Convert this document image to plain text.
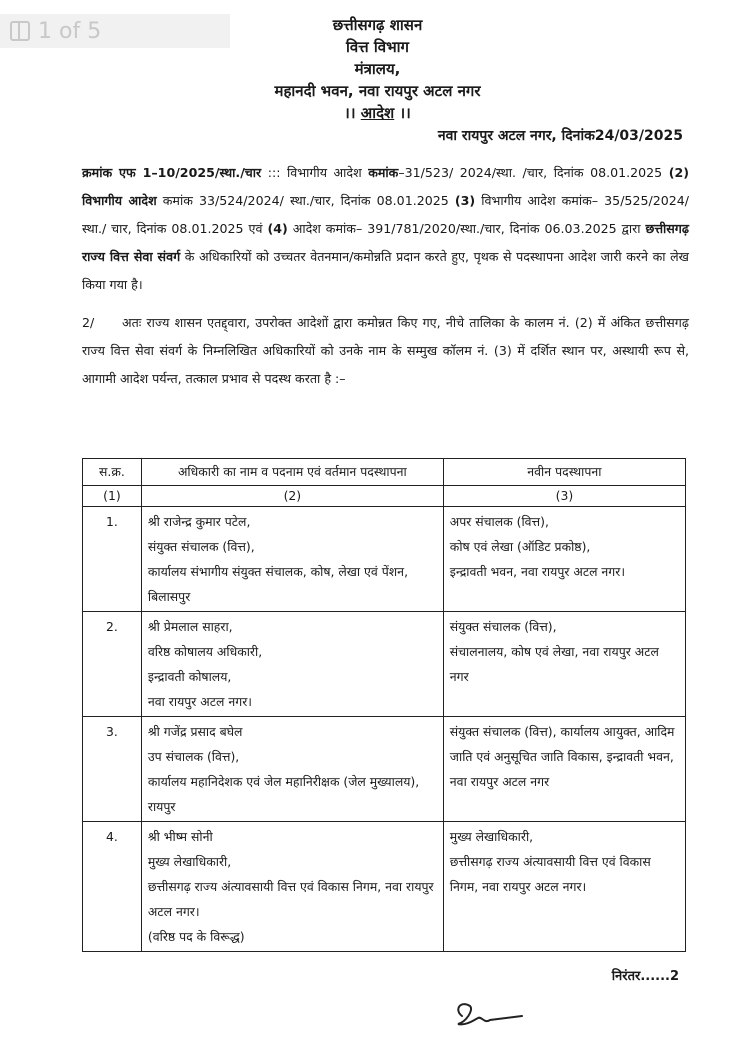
1 of 5	छत्तीसगढ़ शासन
वित्त विभाग
मंत्रालय,
महानदी भवन, नवा रायपुर अटल नगर
।। आदेश ।।
नवा रायपुर अटल नगर, दिनांक24/03/2025
क्रमांक एफ 1–10/2025/स्था./चार ::: विभागीय आदेश कमांक–31/523/ 2024/स्था. /चार, दिनांक 08.01.2025 (2) विभागीय आदेश कमांक 33/524/2024/ स्था./चार, दिनांक 08.01.2025 (3) विभागीय आदेश कमांक– 35/525/2024/स्था./ चार, दिनांक 08.01.2025 एवं (4) आदेश कमांक– 391/781/2020/स्था./चार, दिनांक 06.03.2025 द्वारा छत्तीसगढ़ राज्य वित्त सेवा संवर्ग के अधिकारियों को उच्चतर वेतनमान/कमोन्नति प्रदान करते हुए, पृथक से पदस्थापना आदेश जारी करने का लेख किया गया है।
2/ अतः राज्य शासन एतद्द्वारा, उपरोक्त आदेशों द्वारा कमोन्नत किए गए, नीचे तालिका के कालम नं. (2) में अंकित छत्तीसगढ़ राज्य वित्त सेवा संवर्ग के निम्नलिखित अधिकारियों को उनके नाम के सम्मुख कॉलम नं. (3) में दर्शित स्थान पर, अस्थायी रूप से, आगामी आदेश पर्यन्त, तत्काल प्रभाव से पदस्थ करता है :–
स.क्र.	अधिकारी का नाम व पदनाम एवं वर्तमान पदस्थापना	नवीन पदस्थापना
(1)	(2)	(3)
1.	श्री राजेन्द्र कुमार पटेल,
संयुक्त संचालक (वित्त),
कार्यालय संभागीय संयुक्त संचालक, कोष, लेखा एवं पेंशन, बिलासपुर	अपर संचालक (वित्त),
कोष एवं लेखा (ऑडिट प्रकोष्ठ),
इन्द्रावती भवन, नवा रायपुर अटल नगर।

2.	श्री प्रेमलाल साहरा,
वरिष्ठ कोषालय अधिकारी,
इन्द्रावती कोषालय,
नवा रायपुर अटल नगर।	संयुक्त संचालक (वित्त),
संचालनालय, कोष एवं लेखा, नवा रायपुर अटल नगर

3.	श्री गजेंद्र प्रसाद बघेल
उप संचालक (वित्त),
कार्यालय महानिदेशक एवं जेल महानिरीक्षक (जेल मुख्यालय), रायपुर	संयुक्त संचालक (वित्त), कार्यालय आयुक्त, आदिम जाति एवं अनुसूचित जाति विकास, इन्द्रावती भवन, नवा रायपुर अटल नगर

4.	श्री भीष्म सोनी
मुख्य लेखाधिकारी,
छत्तीसगढ़ राज्य अंत्यावसायी वित्त एवं विकास निगम, नवा रायपुर अटल नगर।
(वरिष्ठ पद के विरूद्ध)	मुख्य लेखाधिकारी,
छत्तीसगढ़ राज्य अंत्यावसायी वित्त एवं विकास निगम, नवा रायपुर अटल नगर।
निरंतर......2
